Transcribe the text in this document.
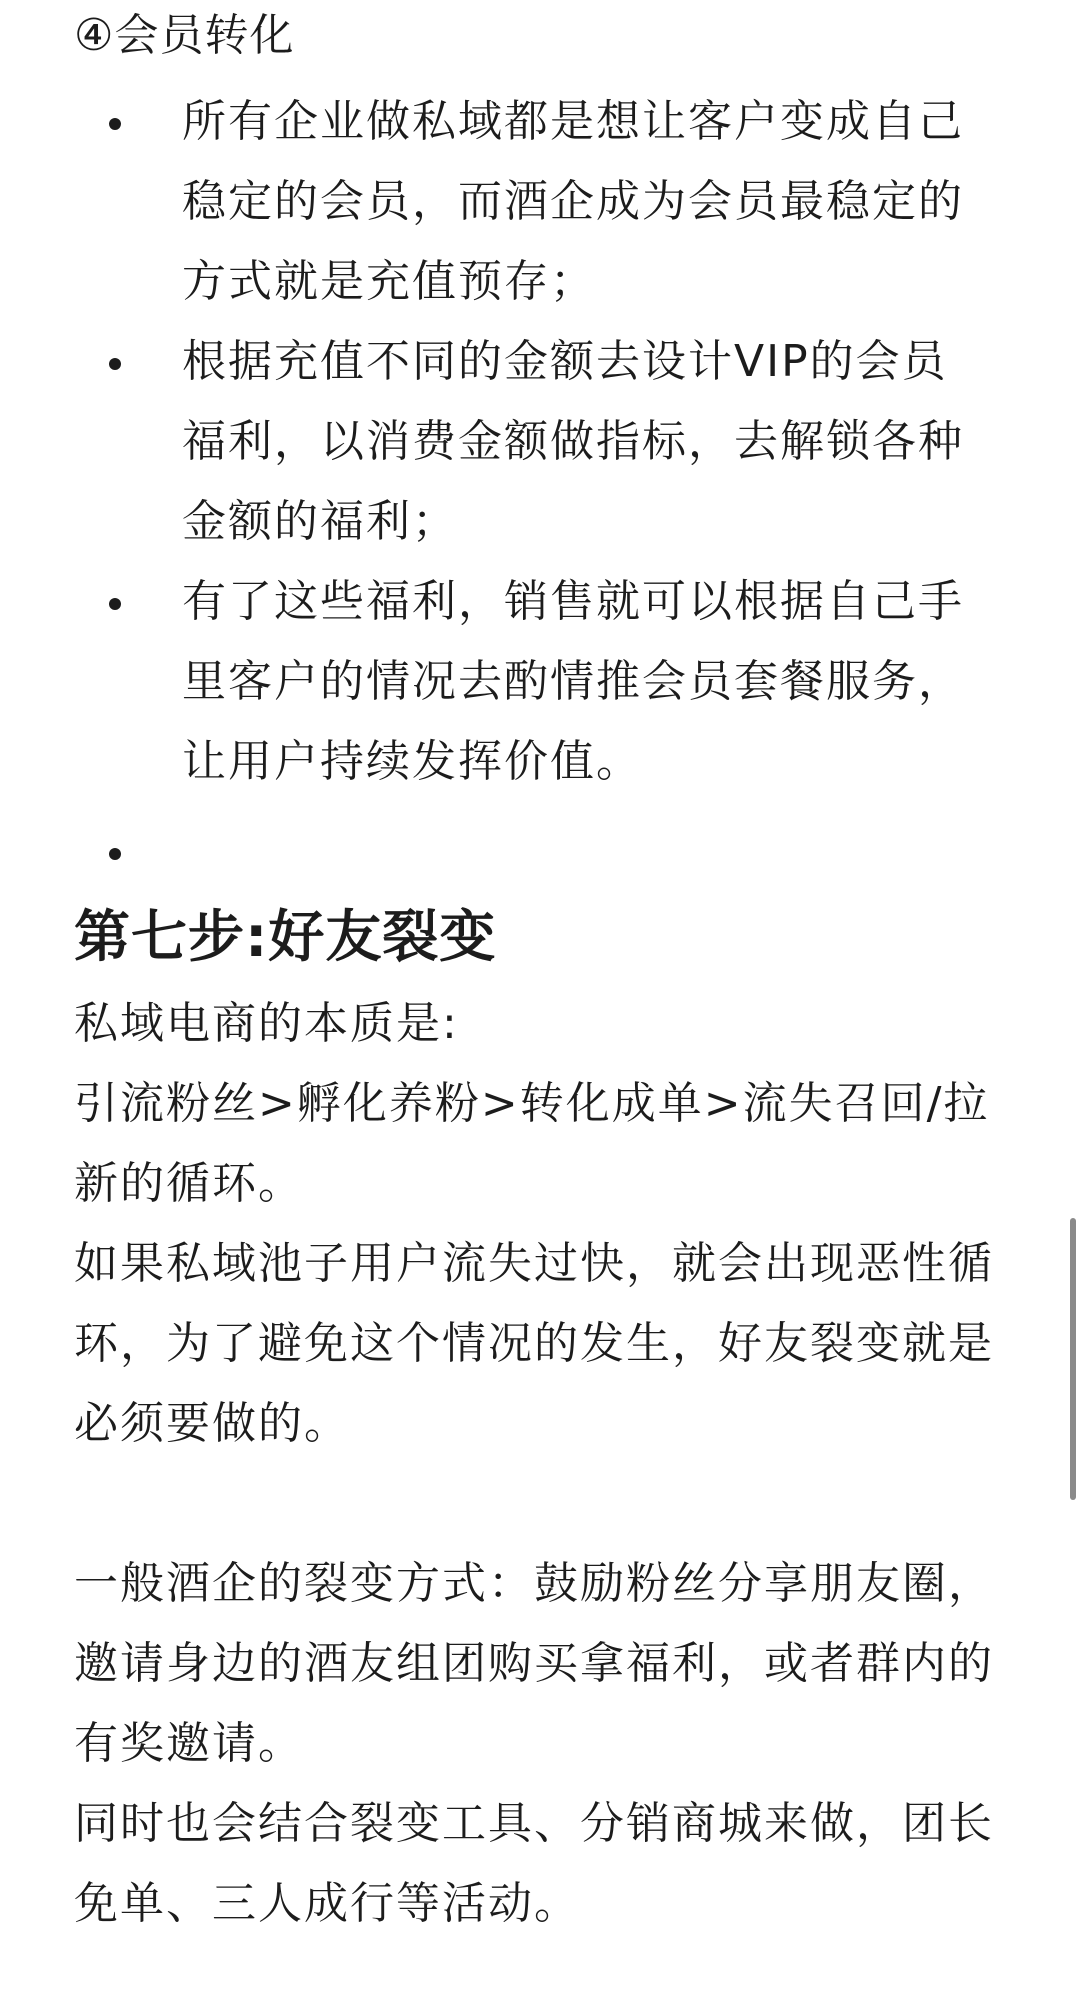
④会员转化
所有企业做私域都是想让客户变成自己稳定的会员，而酒企成为会员最稳定的方式就是充值预存；
根据充值不同的金额去设计VIP的会员福利，以消费金额做指标，去解锁各种金额的福利；
有了这些福利，销售就可以根据自己手里客户的情况去酌情推会员套餐服务，让用户持续发挥价值。
第七步:好友裂变

私域电商的本质是:

引流粉丝>孵化养粉>转化成单>流失召回/拉新的循环。

如果私域池子用户流失过快，就会出现恶性循环，为了避免这个情况的发生，好友裂变就是必须要做的。

一般酒企的裂变方式：鼓励粉丝分享朋友圈，邀请身边的酒友组团购买拿福利，或者群内的有奖邀请。

同时也会结合裂变工具、分销商城来做，团长免单、三人成行等活动。
